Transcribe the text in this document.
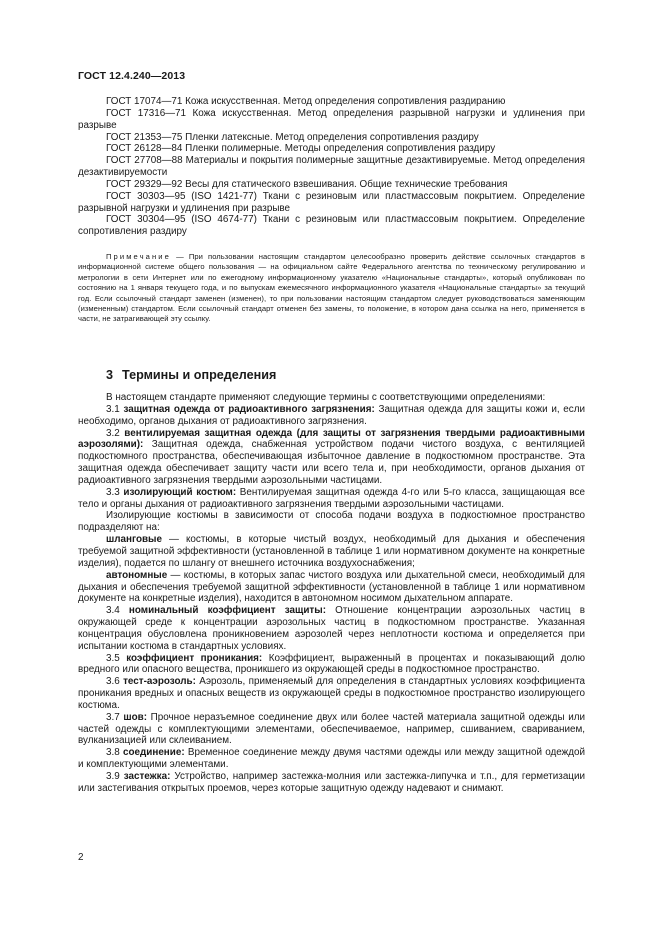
ГОСТ 12.4.240—2013

ГОСТ 17074—71 Кожа искусственная. Метод определения сопротивления раздиранию

ГОСТ 17316—71 Кожа искусственная. Метод определения разрывной нагрузки и удлинения при разрыве

ГОСТ 21353—75 Пленки латексные. Метод определения сопротивления раздиру

ГОСТ 26128—84 Пленки полимерные. Методы определения сопротивления раздиру

ГОСТ 27708—88 Материалы и покрытия полимерные защитные дезактивируемые. Метод определения дезактивируемости

ГОСТ 29329—92 Весы для статического взвешивания. Общие технические требования

ГОСТ 30303—95 (ISO 1421-77) Ткани с резиновым или пластмассовым покрытием. Определение разрывной нагрузки и удлинения при разрыве

ГОСТ 30304—95 (ISO 4674-77) Ткани с резиновым или пластмассовым покрытием. Определение сопротивления раздиру

Примечание — При пользовании настоящим стандартом целесообразно проверить действие ссылочных стандартов в информационной системе общего пользования — на официальном сайте Федерального агентства по техническому регулированию и метрологии в сети Интернет или по ежегодному информационному указателю «Национальные стандарты», который опубликован по состоянию на 1 января текущего года, и по выпускам ежемесячного информационного указателя «Национальные стандарты» за текущий год. Если ссылочный стандарт заменен (изменен), то при пользовании настоящим стандартом следует руководствоваться заменяющим (измененным) стандартом. Если ссылочный стандарт отменен без замены, то положение, в котором дана ссылка на него, применяется в части, не затрагивающей эту ссылку.

3 Термины и определения

В настоящем стандарте применяют следующие термины с соответствующими определениями:

3.1 защитная одежда от радиоактивного загрязнения: Защитная одежда для защиты кожи и, если необходимо, органов дыхания от радиоактивного загрязнения.

3.2 вентилируемая защитная одежда (для защиты от загрязнения твердыми радиоактивными аэрозолями): Защитная одежда, снабженная устройством подачи чистого воздуха, с вентиляцией подкостюмного пространства, обеспечивающая избыточное давление в подкостюмном пространстве. Эта защитная одежда обеспечивает защиту части или всего тела и, при необходимости, органов дыхания от радиоактивного загрязнения твердыми аэрозольными частицами.

3.3 изолирующий костюм: Вентилируемая защитная одежда 4-го или 5-го класса, защищающая все тело и органы дыхания от радиоактивного загрязнения твердыми аэрозольными частицами.

Изолирующие костюмы в зависимости от способа подачи воздуха в подкостюмное пространство подразделяют на:

шланговые — костюмы, в которые чистый воздух, необходимый для дыхания и обеспечения требуемой защитной эффективности (установленной в таблице 1 или нормативном документе на конкретные изделия), подается по шлангу от внешнего источника воздухоснабжения;

автономные — костюмы, в которых запас чистого воздуха или дыхательной смеси, необходимый для дыхания и обеспечения требуемой защитной эффективности (установленной в таблице 1 или нормативном документе на конкретные изделия), находится в автономном носимом дыхательном аппарате.

3.4 номинальный коэффициент защиты: Отношение концентрации аэрозольных частиц в окружающей среде к концентрации аэрозольных частиц в подкостюмном пространстве. Указанная концентрация обусловлена проникновением аэрозолей через неплотности костюма и определяется при испытании костюма в стандартных условиях.

3.5 коэффициент проникания: Коэффициент, выраженный в процентах и показывающий долю вредного или опасного вещества, проникшего из окружающей среды в подкостюмное пространство.

3.6 тест-аэрозоль: Аэрозоль, применяемый для определения в стандартных условиях коэффициента проникания вредных и опасных веществ из окружающей среды в подкостюмное пространство изолирующего костюма.

3.7 шов: Прочное неразъемное соединение двух или более частей материала защитной одежды или частей одежды с комплектующими элементами, обеспечиваемое, например, сшиванием, свариванием, вулканизацией или склеиванием.

3.8 соединение: Временное соединение между двумя частями одежды или между защитной одеждой и комплектующими элементами.

3.9 застежка: Устройство, например застежка-молния или застежка-липучка и т.п., для герметизации или застегивания открытых проемов, через которые защитную одежду надевают и снимают.

2
